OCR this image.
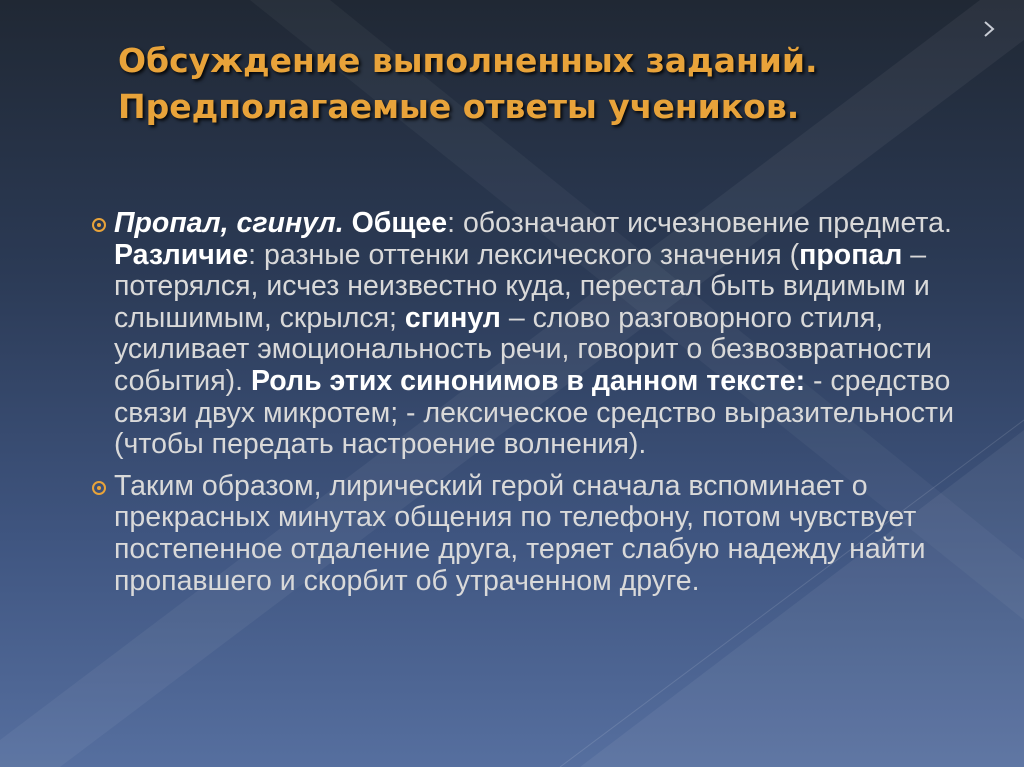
Обсуждение выполненных заданий.
Предполагаемые ответы учеников.
Пропал, сгинул. Общее: обозначают исчезновение предмета. Различие: разные оттенки лексического значения (пропал – потерялся, исчез неизвестно куда, перестал быть видимым и слышимым, скрылся; сгинул – слово разговорного стиля, усиливает эмоциональность речи, говорит о безвозвратности события). Роль этих синонимов в данном тексте: - средство связи двух микротем; - лексическое средство выразительности (чтобы передать настроение волнения).
Таким образом, лирический герой сначала вспоминает о прекрасных минутах общения по телефону, потом чувствует постепенное отдаление друга, теряет слабую надежду найти пропавшего и скорбит об утраченном друге.
